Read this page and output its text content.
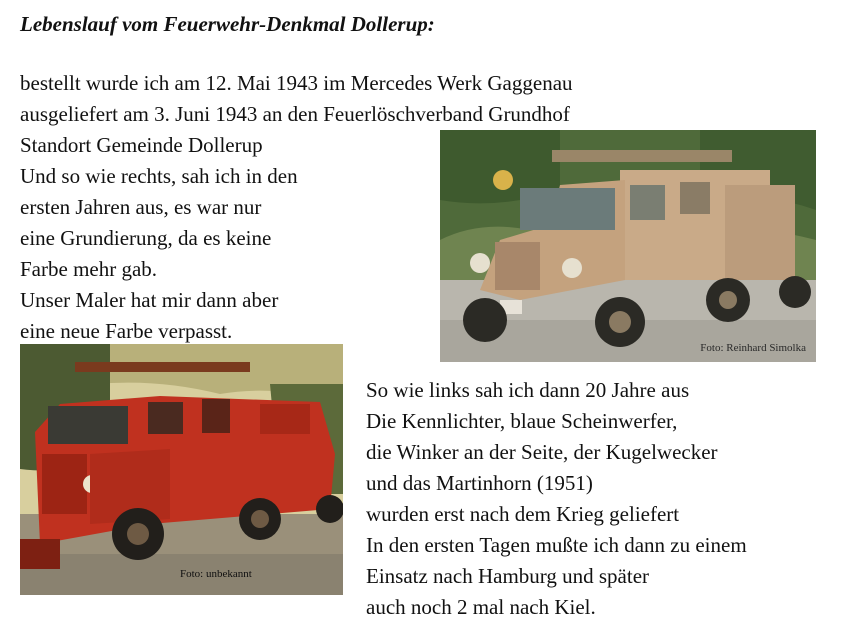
Lebenslauf vom Feuerwehr-Denkmal Dollerup:
bestellt wurde ich am 12. Mai 1943 im Mercedes Werk Gaggenau
ausgeliefert am 3. Juni 1943 an den Feuerlöschverband Grundhof
Standort Gemeinde Dollerup
Und so wie rechts, sah ich in den
ersten Jahren aus, es war nur
eine Grundierung, da es keine
Farbe mehr gab.
Unser Maler hat mir dann aber
eine neue Farbe verpasst.
Foto: Reinhard Simolka
Foto: unbekannt
So wie links sah ich dann 20 Jahre aus
Die Kennlichter, blaue Scheinwerfer,
die Winker an der Seite, der Kugelwecker
und das Martinhorn (1951)
wurden erst nach dem Krieg geliefert
In den ersten Tagen mußte ich dann zu einem
Einsatz nach Hamburg und später
auch noch 2 mal nach Kiel.
